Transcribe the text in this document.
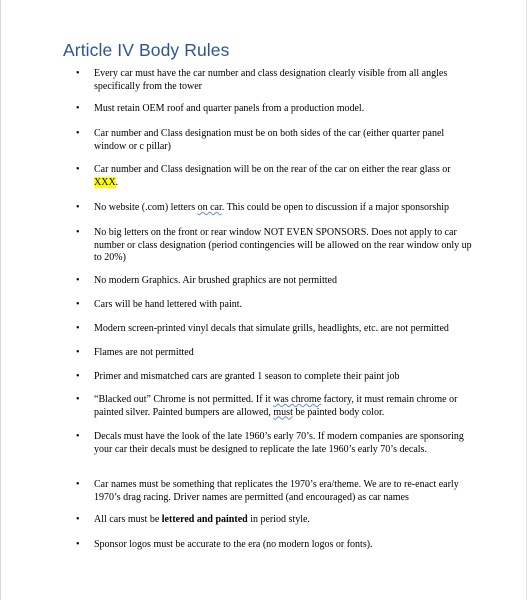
Article IV Body Rules
• Every car must have the car number and class designation clearly visible from all angles specifically from the tower
• Must retain OEM roof and quarter panels from a production model.
• Car number and Class designation must be on both sides of the car (either quarter panel window or c pillar)
• Car number and Class designation will be on the rear of the car on either the rear glass or XXX.
• No website (.com) letters on car. This could be open to discussion if a major sponsorship
• No big letters on the front or rear window NOT EVEN SPONSORS. Does not apply to car number or class designation (period contingencies will be allowed on the rear window only up to 20%)
• No modern Graphics. Air brushed graphics are not permitted
• Cars will be hand lettered with paint.
• Modern screen-printed vinyl decals that simulate grills, headlights, etc. are not permitted
• Flames are not permitted
• Primer and mismatched cars are granted 1 season to complete their paint job
• “Blacked out” Chrome is not permitted. If it was chrome factory, it must remain chrome or painted silver. Painted bumpers are allowed, must be painted body color.
• Decals must have the look of the late 1960’s early 70’s. If modern companies are sponsoring your car their decals must be designed to replicate the late 1960’s early 70’s decals.
• Car names must be something that replicates the 1970’s era/theme. We are to re-enact early 1970’s drag racing. Driver names are permitted (and encouraged) as car names
• All cars must be lettered and painted in period style.
• Sponsor logos must be accurate to the era (no modern logos or fonts).
